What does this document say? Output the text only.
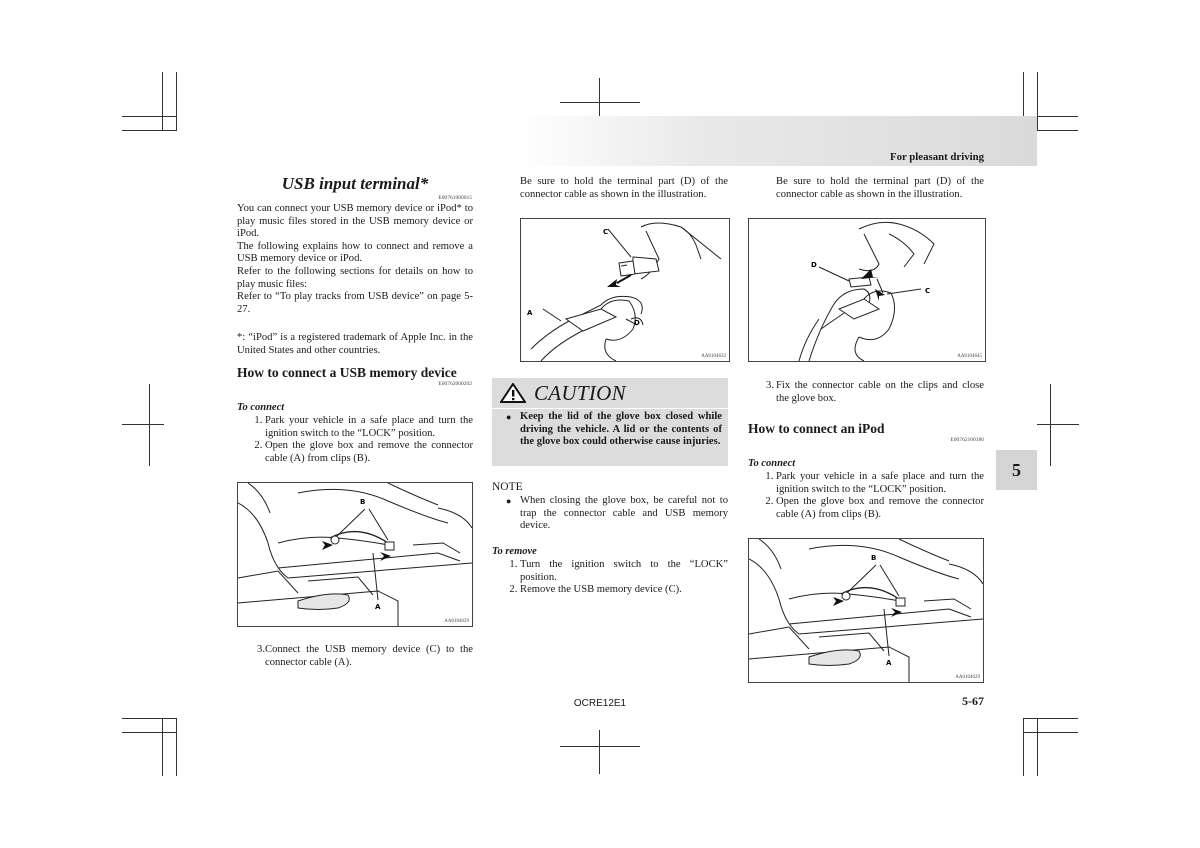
For pleasant driving
5
USB input terminal*
E00761900015
You can connect your USB memory device or iPod* to play music files stored in the USB memory device or iPod.
The following explains how to connect and remove a USB memory device or iPod.
Refer to the following sections for details on how to play music files:
Refer to “To play tracks from USB device” on page 5-27.
*: “iPod” is a registered trademark of Apple Inc. in the United States and other countries.
How to connect a USB memory device
E00762000202
To connect
1. Park your vehicle in a safe place and turn the ignition switch to the “LOCK” position.
2. Open the glove box and remove the connector cable (A) from clips (B).
B
A
AA0104629
3. Connect the USB memory device (C) to the connector cable (A).
Be sure to hold the terminal part (D) of the connector cable as shown in the illustration.
C
A
D
AA0104632
CAUTION
● Keep the lid of the glove box closed while driving the vehicle. A lid or the contents of the glove box could otherwise cause injuries.
NOTE
● When closing the glove box, be careful not to trap the connector cable and USB memory device.
To remove
1. Turn the ignition switch to the “LOCK” position.
2. Remove the USB memory device (C).
Be sure to hold the terminal part (D) of the connector cable as shown in the illustration.
D
C
AA0104645
3. Fix the connector cable on the clips and close the glove box.
How to connect an iPod
E00762100186
To connect
1. Park your vehicle in a safe place and turn the ignition switch to the “LOCK” position.
2. Open the glove box and remove the connector cable (A) from clips (B).
B
A
AA0104629
OCRE12E1	5-67
